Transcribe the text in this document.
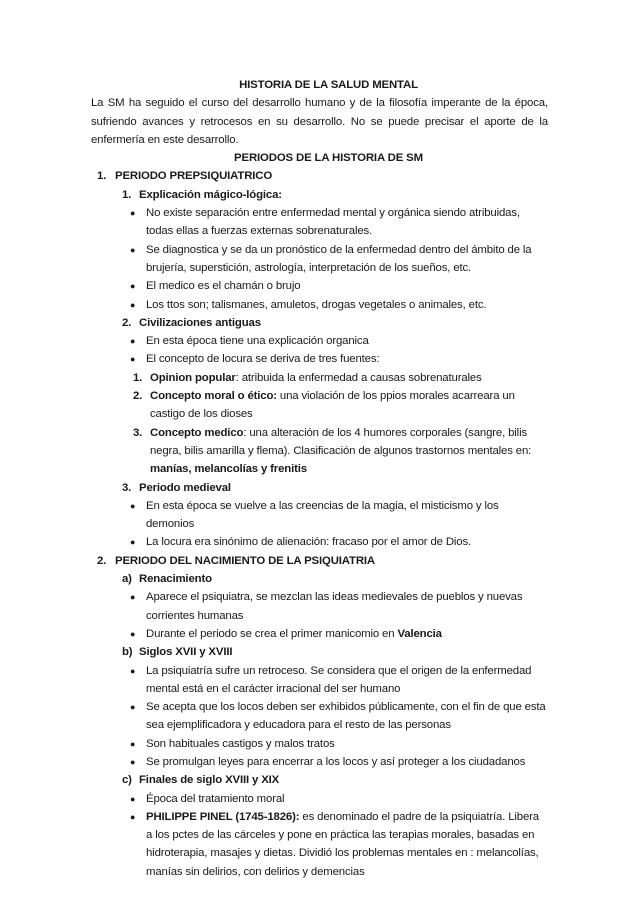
HISTORIA DE LA SALUD MENTAL
La SM ha seguido el curso del desarrollo humano y de la filosofía imperante de la época, sufriendo avances y retrocesos en su desarrollo. No se puede precisar el aporte de la enfermería en este desarrollo.
PERIODOS DE LA HISTORIA DE SM
1. PERIODO PREPSIQUIATRICO
1. Explicación mágico-lógica:
● No existe separación entre enfermedad mental y orgánica siendo atribuidas, todas ellas a fuerzas externas sobrenaturales.
● Se diagnostica y se da un pronóstico de la enfermedad dentro del ámbito de la brujería, superstición, astrología, interpretación de los sueños, etc.
● El medico es el chamán o brujo
● Los ttos son; talismanes, amuletos, drogas vegetales o animales, etc.
2. Civilizaciones antiguas
● En esta época tiene una explicación organica
● El concepto de locura se deriva de tres fuentes:
1. Opinion popular: atribuida la enfermedad a causas sobrenaturales
2. Concepto moral o ético: una violación de los ppios morales acarreara un castigo de los dioses
3. Concepto medico: una alteración de los 4 humores corporales (sangre, bilis negra, bilis amarilla y flema). Clasificación de algunos trastornos mentales en: manías, melancolías y frenitis
3. Periodo medieval
● En esta época se vuelve a las creencias de la magia, el misticismo y los demonios
● La locura era sinónimo de alienación: fracaso por el amor de Dios.
2. PERIODO DEL NACIMIENTO DE LA PSIQUIATRIA
a) Renacimiento
● Aparece el psiquiatra, se mezclan las ideas medievales de pueblos y nuevas corrientes humanas
● Durante el periodo se crea el primer manicomio en Valencia
b) Siglos XVII y XVIII
● La psiquiatría sufre un retroceso. Se considera que el origen de la enfermedad mental está en el carácter irracional del ser humano
● Se acepta que los locos deben ser exhibidos públicamente, con el fin de que esta sea ejemplificadora y educadora para el resto de las personas
● Son habituales castigos y malos tratos
● Se promulgan leyes para encerrar a los locos y así proteger a los ciudadanos
c) Finales de siglo XVIII y XIX
● Época del tratamiento moral
● PHILIPPE PINEL (1745-1826): es denominado el padre de la psiquiatría. Libera a los pctes de las cárceles y pone en práctica las terapias morales, basadas en hidroterapia, masajes y dietas. Dividió los problemas mentales en : melancolías, manías sin delirios, con delirios y demencias
